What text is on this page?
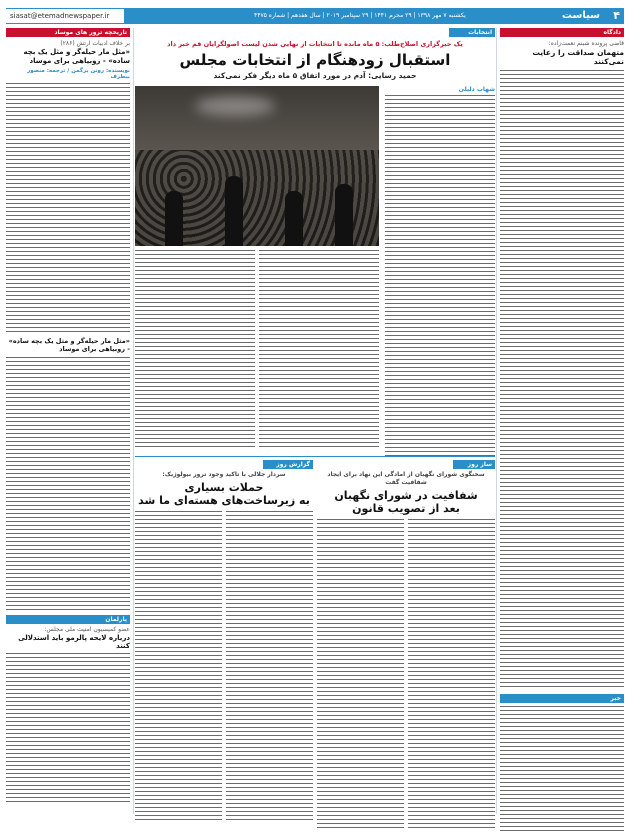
۴
سیاست
یکشنبه ۷ مهر ۱۳۹۸ | ۲۹ محرم ۱۴۴۱ | ۲۹ سپتامبر ۲۰۱۹ | سال هفدهم | شماره ۴۴۷۵
siasat@etemadnewspaper.ir
دادگاه
قاضی پرونده شبنم نعمت‌زاده:
متهمان صداقت را رعایت نمی‌کنند
خبر
انتخابات
یک خبرگزاری اصلاح‌طلب: ۵ ماه مانده تا انتخابات از نهایی شدن لیست اصولگرایان قم خبر داد
استقبال زودهنگام از انتخابات مجلس
حمید رسایی: آدم در مورد اتفاق ۵ ماه دیگر فکر نمی‌کند
شهاب دلیلی
ساز روز
سخنگوی شورای نگهبان از امادگی این نهاد برای ایجاد شفافیت گفت
شفافیت در شورای نگهبان
بعد از تصویب قانون
گزارش روز
سردار جلالی با تاکید وجود ترور بیولوژیک:
حملات بسیاری
به زیرساخت‌های هسته‌ای ما شد
تاریخچه ترور های موساد
بر خلاف ادبیات ارتش (۲۸۶)
«مثل مار حیله‌گر و مثل یک بچه ساده» - روبیاهی برای موساد
نویسنده: رونن برگمن / ترجمه: منصور بیطرف
«مثل مار حیله‌گر و مثل یک بچه ساده» - روبیاهی برای موساد
پارلمان
عضو کمیسیون امنیت ملی مجلس:
درباره لایحه پالرمو باید استدلالی کنند
